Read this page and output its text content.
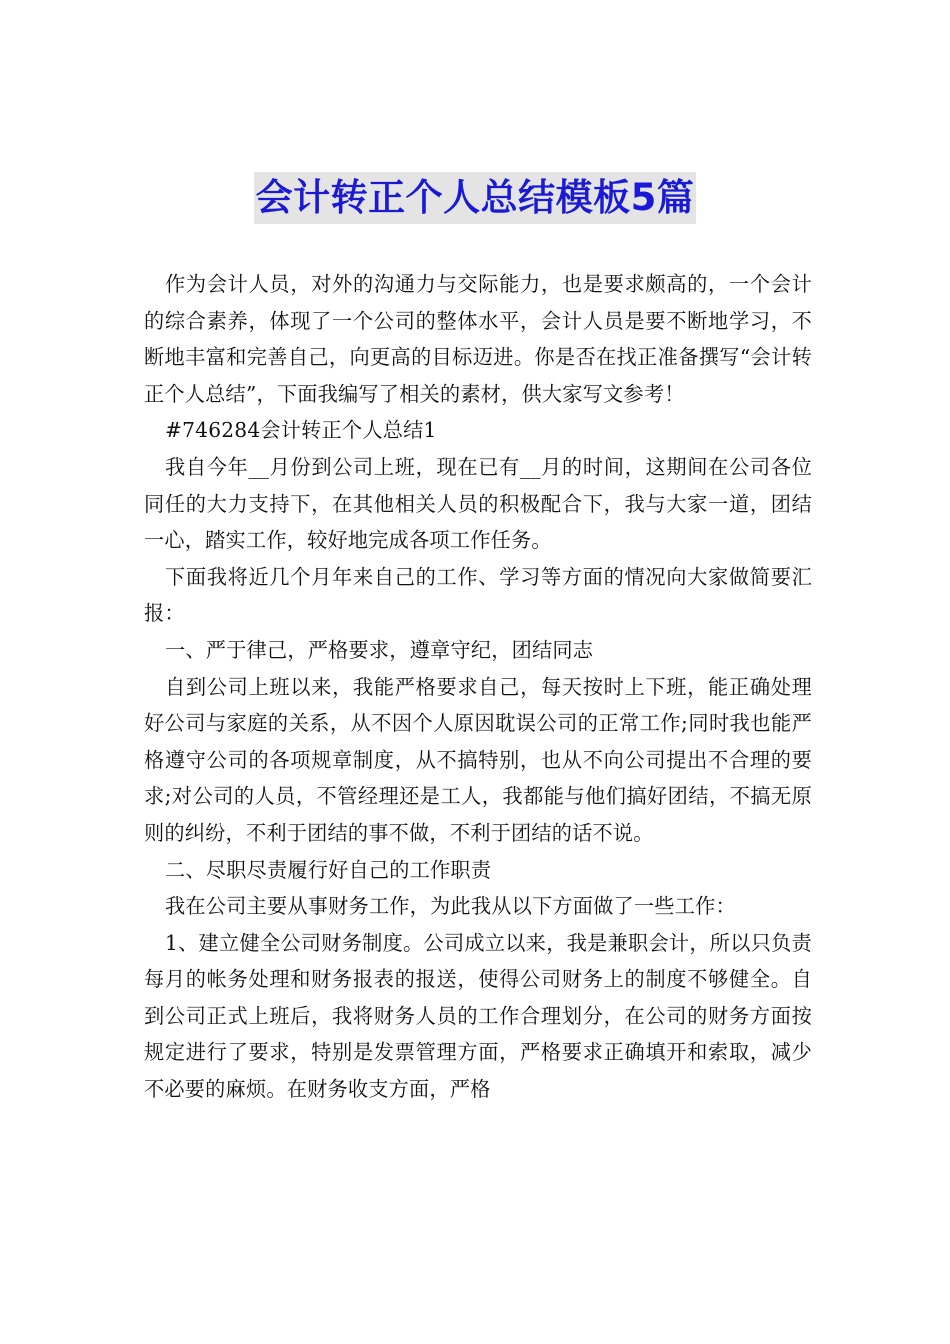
会计转正个人总结模板5篇

作为会计人员，对外的沟通力与交际能力，也是要求颇高的，一个会计的综合素养，体现了一个公司的整体水平，会计人员是要不断地学习，不断地丰富和完善自己，向更高的目标迈进。你是否在找正准备撰写“会计转正个人总结”，下面我编写了相关的素材，供大家写文参考！

#746284会计转正个人总结1

我自今年__月份到公司上班，现在已有__月的时间，这期间在公司各位同任的大力支持下，在其他相关人员的积极配合下，我与大家一道，团结一心，踏实工作，较好地完成各项工作任务。

下面我将近几个月年来自己的工作、学习等方面的情况向大家做简要汇报：

一、严于律己，严格要求，遵章守纪，团结同志

自到公司上班以来，我能严格要求自己，每天按时上下班，能正确处理好公司与家庭的关系，从不因个人原因耽误公司的正常工作;同时我也能严格遵守公司的各项规章制度，从不搞特别，也从不向公司提出不合理的要求;对公司的人员，不管经理还是工人，我都能与他们搞好团结，不搞无原则的纠纷，不利于团结的事不做，不利于团结的话不说。

二、尽职尽责履行好自己的工作职责

我在公司主要从事财务工作，为此我从以下方面做了一些工作：

1、建立健全公司财务制度。公司成立以来，我是兼职会计，所以只负责每月的帐务处理和财务报表的报送，使得公司财务上的制度不够健全。自到公司正式上班后，我将财务人员的工作合理划分，在公司的财务方面按规定进行了要求，特别是发票管理方面，严格要求正确填开和索取，减少不必要的麻烦。在财务收支方面，严格
